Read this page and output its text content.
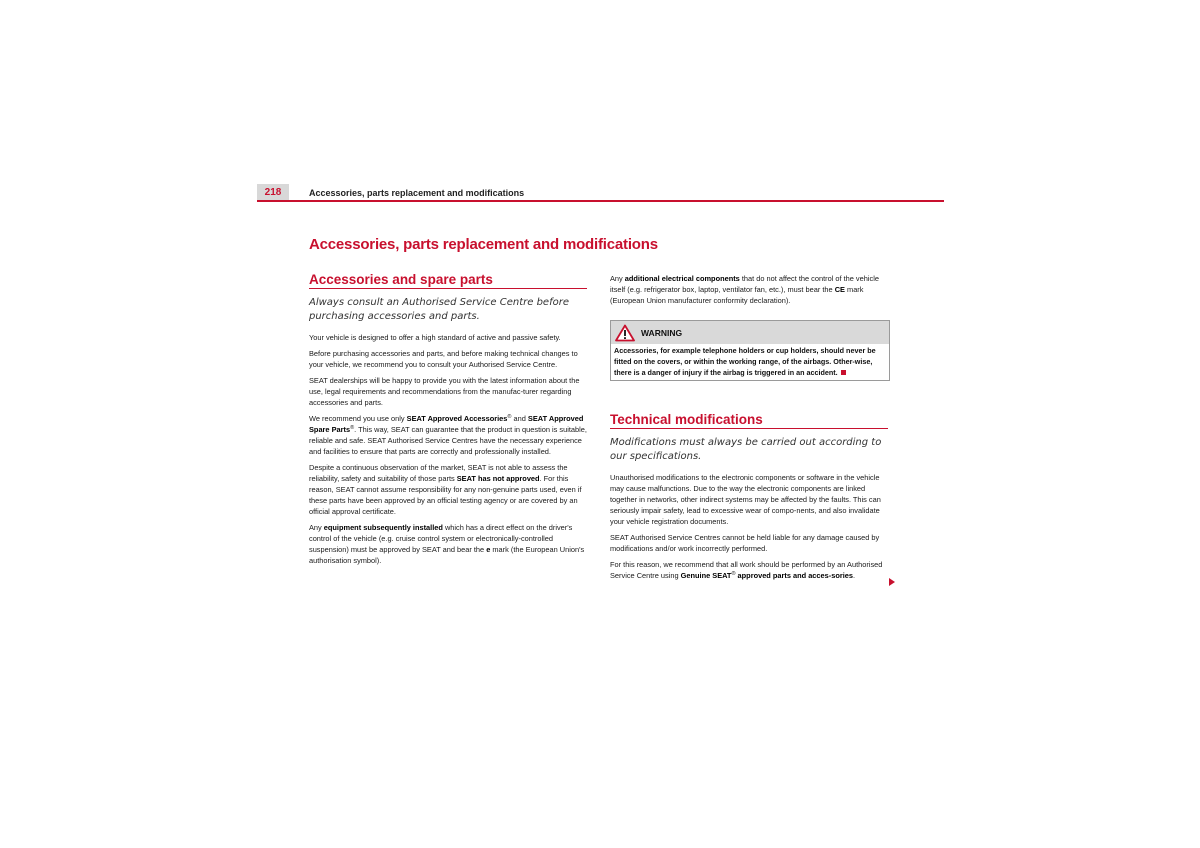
218	Accessories, parts replacement and modifications
Accessories, parts replacement and modifications
Accessories and spare parts
Always consult an Authorised Service Centre before purchasing accessories and parts.

Your vehicle is designed to offer a high standard of active and passive safety.

Before purchasing accessories and parts, and before making technical changes to your vehicle, we recommend you to consult your Authorised Service Centre.

SEAT dealerships will be happy to provide you with the latest information about the use, legal requirements and recommendations from the manufac-turer regarding accessories and parts.

We recommend you use only SEAT Approved Accessories® and SEAT Approved Spare Parts®. This way, SEAT can guarantee that the product in question is suitable, reliable and safe. SEAT Authorised Service Centres have the necessary experience and facilities to ensure that parts are correctly and professionally installed.

Despite a continuous observation of the market, SEAT is not able to assess the reliability, safety and suitability of those parts SEAT has not approved. For this reason, SEAT cannot assume responsibility for any non-genuine parts used, even if these parts have been approved by an official testing agency or are covered by an official approval certificate.

Any equipment subsequently installed which has a direct effect on the driver's control of the vehicle (e.g. cruise control system or electronically-controlled suspension) must be approved by SEAT and bear the e mark (the European Union's authorisation symbol).

Any additional electrical components that do not affect the control of the vehicle itself (e.g. refrigerator box, laptop, ventilator fan, etc.), must bear the CE mark (European Union manufacturer conformity declaration).

WARNING
Accessories, for example telephone holders or cup holders, should never be fitted on the covers, or within the working range, of the airbags. Other-wise, there is a danger of injury if the airbag is triggered in an accident.
Technical modifications
Modifications must always be carried out according to our specifications.

Unauthorised modifications to the electronic components or software in the vehicle may cause malfunctions. Due to the way the electronic components are linked together in networks, other indirect systems may be affected by the faults. This can seriously impair safety, lead to excessive wear of compo-nents, and also invalidate your vehicle registration documents.

SEAT Authorised Service Centres cannot be held liable for any damage caused by modifications and/or work incorrectly performed.

For this reason, we recommend that all work should be performed by an Authorised Service Centre using Genuine SEAT® approved parts and acces-sories.
